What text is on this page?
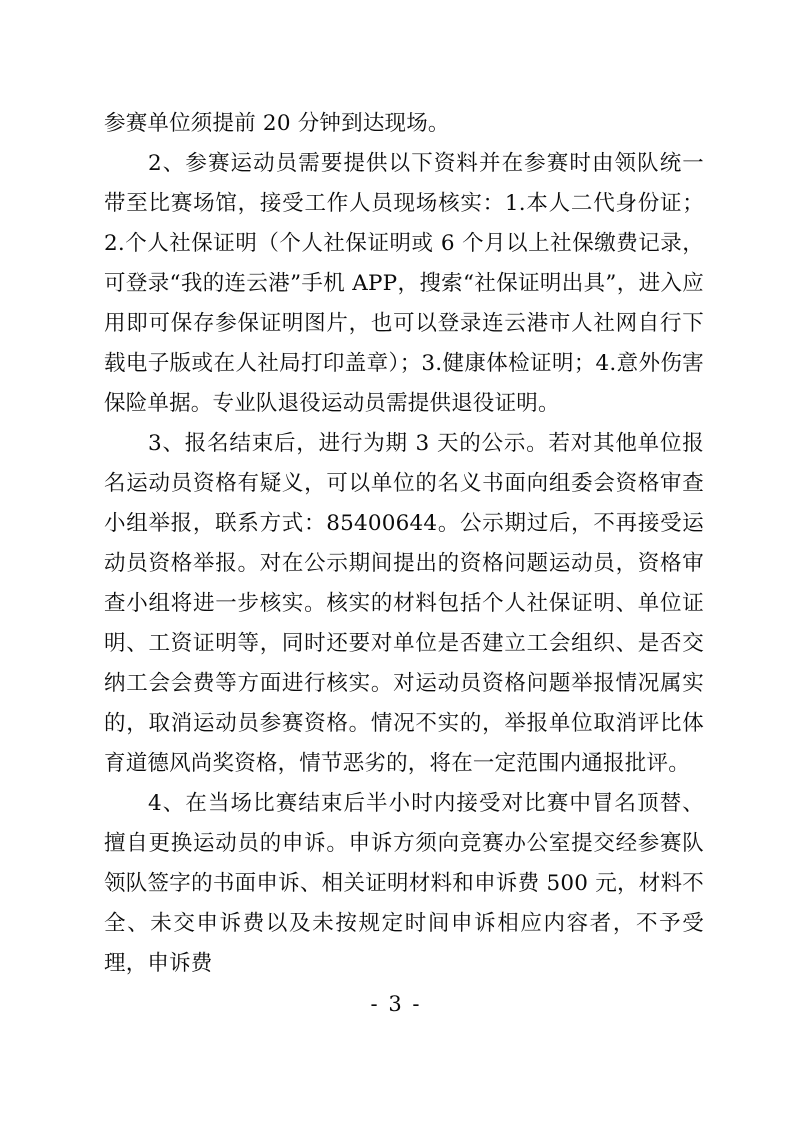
参赛单位须提前 20 分钟到达现场。

2、参赛运动员需要提供以下资料并在参赛时由领队统一带至比赛场馆，接受工作人员现场核实：1.本人二代身份证；2.个人社保证明（个人社保证明或 6 个月以上社保缴费记录，可登录“我的连云港”手机 APP，搜索“社保证明出具”，进入应用即可保存参保证明图片，也可以登录连云港市人社网自行下载电子版或在人社局打印盖章）；3.健康体检证明；4.意外伤害保险单据。专业队退役运动员需提供退役证明。

3、报名结束后，进行为期 3 天的公示。若对其他单位报名运动员资格有疑义，可以单位的名义书面向组委会资格审查小组举报，联系方式：85400644。公示期过后，不再接受运动员资格举报。对在公示期间提出的资格问题运动员，资格审查小组将进一步核实。核实的材料包括个人社保证明、单位证明、工资证明等，同时还要对单位是否建立工会组织、是否交纳工会会费等方面进行核实。对运动员资格问题举报情况属实的，取消运动员参赛资格。情况不实的，举报单位取消评比体育道德风尚奖资格，情节恶劣的，将在一定范围内通报批评。

4、在当场比赛结束后半小时内接受对比赛中冒名顶替、擅自更换运动员的申诉。申诉方须向竞赛办公室提交经参赛队领队签字的书面申诉、相关证明材料和申诉费 500 元，材料不全、未交申诉费以及未按规定时间申诉相应内容者，不予受理，申诉费

- 3 -
